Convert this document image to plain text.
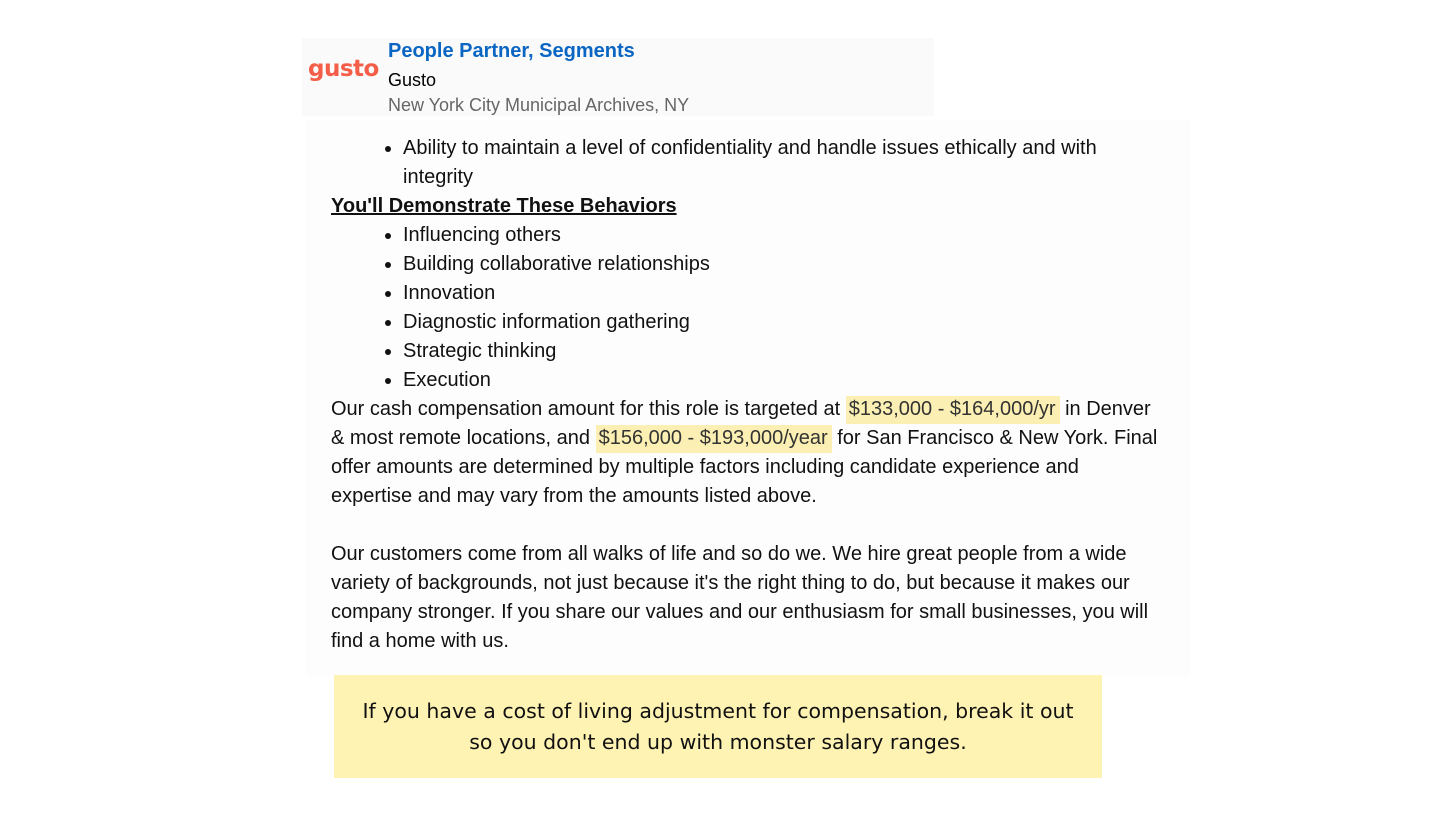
gusto
People Partner, Segments
Gusto
New York City Municipal Archives, NY
• Ability to maintain a level of confidentiality and handle issues ethically and with integrity
You'll Demonstrate These Behaviors
• Influencing others
• Building collaborative relationships
• Innovation
• Diagnostic information gathering
• Strategic thinking
• Execution

Our cash compensation amount for this role is targeted at $133,000 - $164,000/yr in Denver & most remote locations, and $156,000 - $193,000/year for San Francisco & New York. Final offer amounts are determined by multiple factors including candidate experience and expertise and may vary from the amounts listed above.

Our customers come from all walks of life and so do we. We hire great people from a wide variety of backgrounds, not just because it's the right thing to do, but because it makes our company stronger. If you share our values and our enthusiasm for small businesses, you will find a home with us.

If you have a cost of living adjustment for compensation, break it out so you don't end up with monster salary ranges.
